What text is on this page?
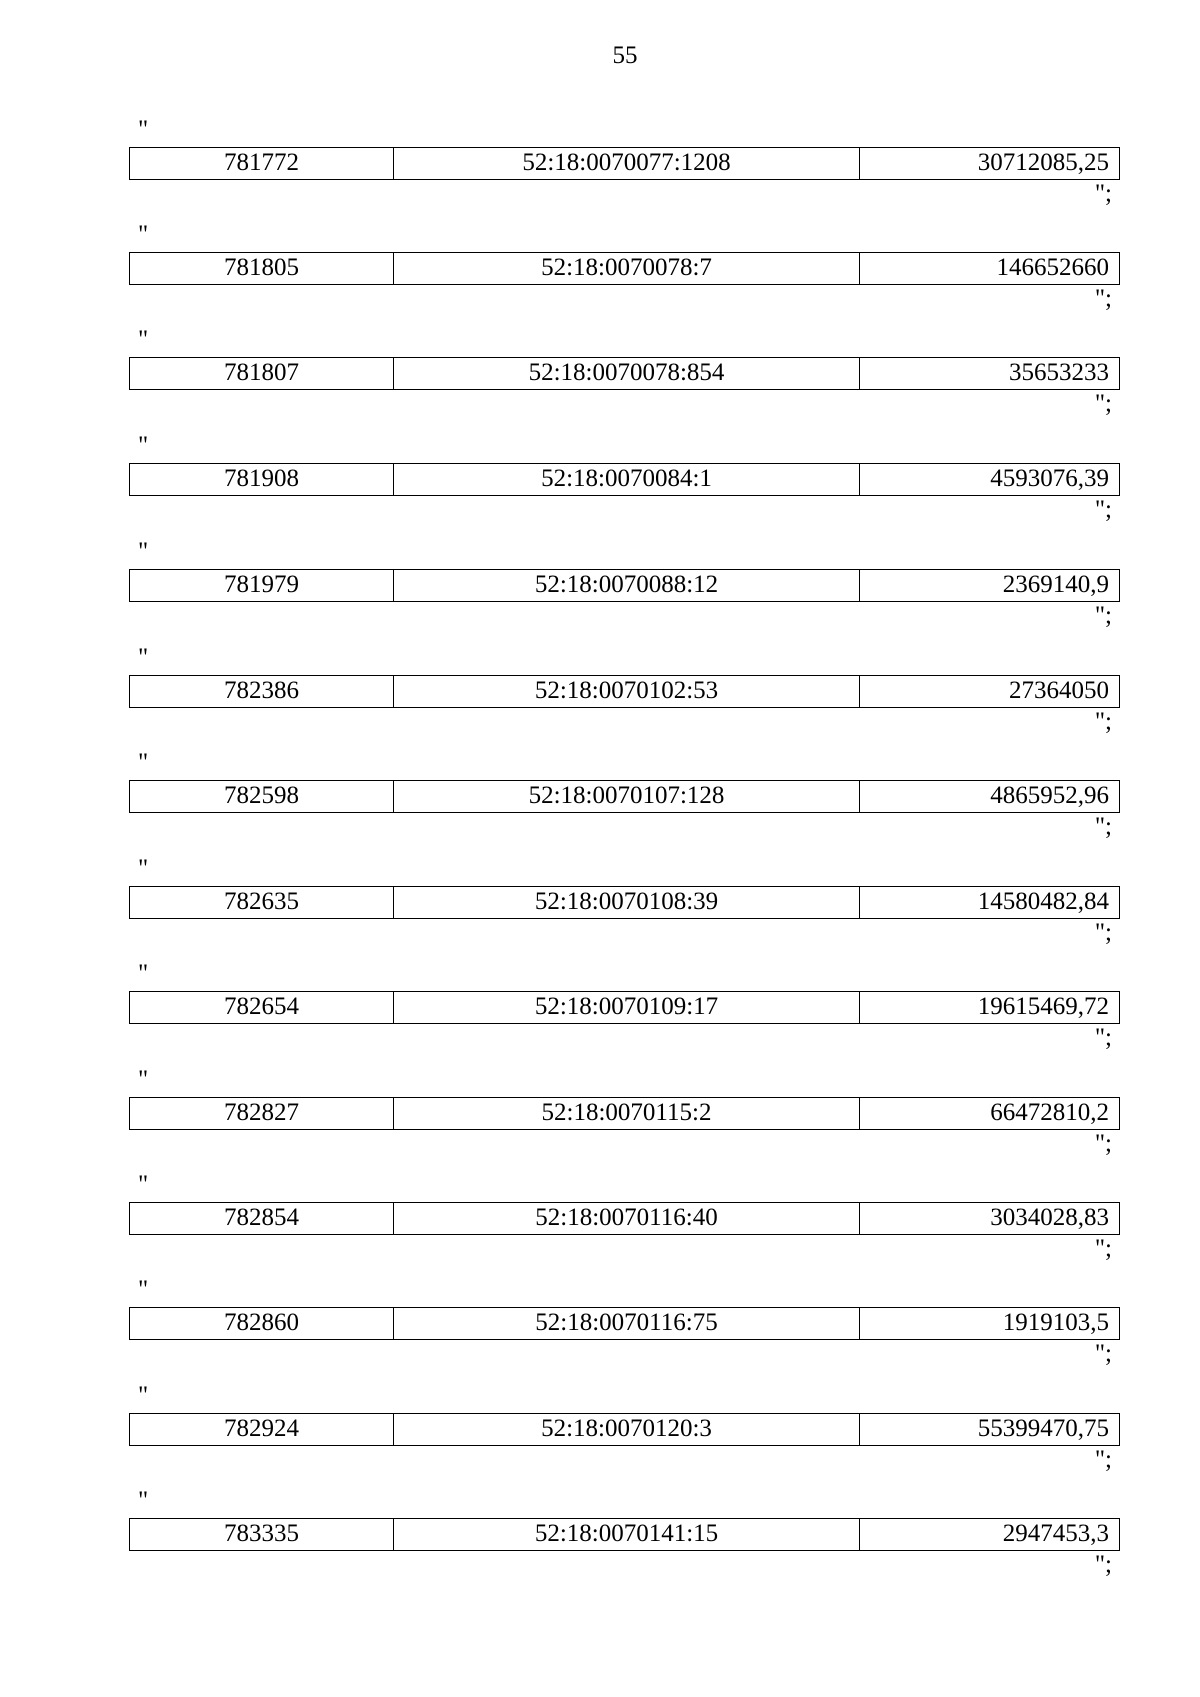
55
"
781772	52:18:0070077:1208	30712085,25
";
"
781805	52:18:0070078:7	146652660
";
"
781807	52:18:0070078:854	35653233
";
"
781908	52:18:0070084:1	4593076,39
";
"
781979	52:18:0070088:12	2369140,9
";
"
782386	52:18:0070102:53	27364050
";
"
782598	52:18:0070107:128	4865952,96
";
"
782635	52:18:0070108:39	14580482,84
";
"
782654	52:18:0070109:17	19615469,72
";
"
782827	52:18:0070115:2	66472810,2
";
"
782854	52:18:0070116:40	3034028,83
";
"
782860	52:18:0070116:75	1919103,5
";
"
782924	52:18:0070120:3	55399470,75
";
"
783335	52:18:0070141:15	2947453,3
";
